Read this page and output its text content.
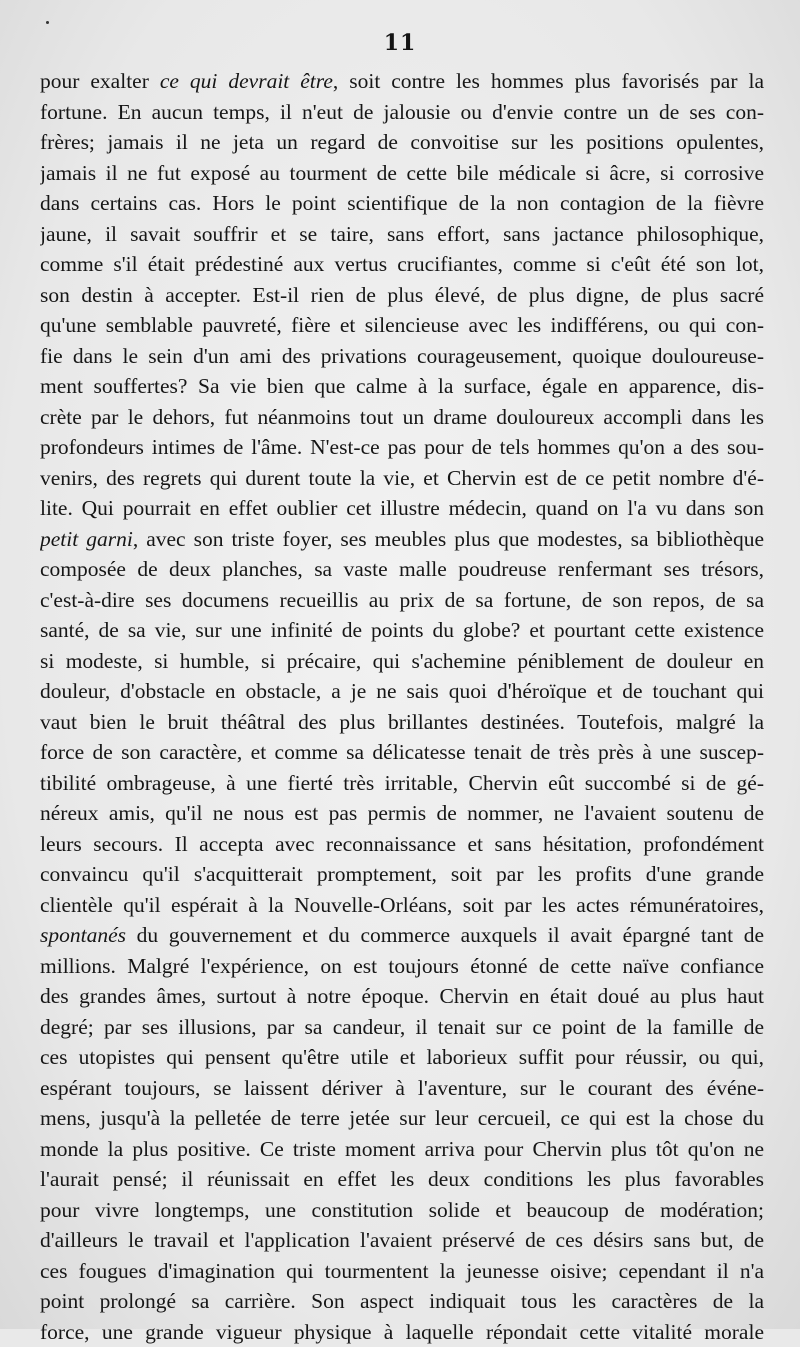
11
pour exalter ce qui devrait être, soit contre les hommes plus favorisés par la
fortune. En aucun temps, il n'eut de jalousie ou d'envie contre un de ses con-
frères; jamais il ne jeta un regard de convoitise sur les positions opulentes,
jamais il ne fut exposé au tourment de cette bile médicale si âcre, si corrosive
dans certains cas. Hors le point scientifique de la non contagion de la fièvre
jaune, il savait souffrir et se taire, sans effort, sans jactance philosophique,
comme s'il était prédestiné aux vertus crucifiantes, comme si c'eût été son lot,
son destin à accepter. Est-il rien de plus élevé, de plus digne, de plus sacré
qu'une semblable pauvreté, fière et silencieuse avec les indifférens, ou qui con-
fie dans le sein d'un ami des privations courageusement, quoique douloureuse-
ment souffertes? Sa vie bien que calme à la surface, égale en apparence, dis-
crète par le dehors, fut néanmoins tout un drame douloureux accompli dans les
profondeurs intimes de l'âme. N'est-ce pas pour de tels hommes qu'on a des sou-
venirs, des regrets qui durent toute la vie, et Chervin est de ce petit nombre d'é-
lite. Qui pourrait en effet oublier cet illustre médecin, quand on l'a vu dans son
petit garni, avec son triste foyer, ses meubles plus que modestes, sa bibliothèque
composée de deux planches, sa vaste malle poudreuse renfermant ses trésors,
c'est-à-dire ses documens recueillis au prix de sa fortune, de son repos, de sa
santé, de sa vie, sur une infinité de points du globe? et pourtant cette existence
si modeste, si humble, si précaire, qui s'achemine péniblement de douleur en
douleur, d'obstacle en obstacle, a je ne sais quoi d'héroïque et de touchant qui
vaut bien le bruit théâtral des plus brillantes destinées. Toutefois, malgré la
force de son caractère, et comme sa délicatesse tenait de très près à une suscep-
tibilité ombrageuse, à une fierté très irritable, Chervin eût succombé si de gé-
néreux amis, qu'il ne nous est pas permis de nommer, ne l'avaient soutenu de
leurs secours. Il accepta avec reconnaissance et sans hésitation, profondément
convaincu qu'il s'acquitterait promptement, soit par les profits d'une grande
clientèle qu'il espérait à la Nouvelle-Orléans, soit par les actes rémunératoires,
spontanés du gouvernement et du commerce auxquels il avait épargné tant de
millions. Malgré l'expérience, on est toujours étonné de cette naïve confiance
des grandes âmes, surtout à notre époque. Chervin en était doué au plus haut
degré; par ses illusions, par sa candeur, il tenait sur ce point de la famille de
ces utopistes qui pensent qu'être utile et laborieux suffit pour réussir, ou qui,
espérant toujours, se laissent dériver à l'aventure, sur le courant des événe-
mens, jusqu'à la pelletée de terre jetée sur leur cercueil, ce qui est la chose du
monde la plus positive. Ce triste moment arriva pour Chervin plus tôt qu'on ne
l'aurait pensé; il réunissait en effet les deux conditions les plus favorables
pour vivre longtemps, une constitution solide et beaucoup de modération;
d'ailleurs le travail et l'application l'avaient préservé de ces désirs sans but, de
ces fougues d'imagination qui tourmentent la jeunesse oisive; cependant il n'a
point prolongé sa carrière. Son aspect indiquait tous les caractères de la
force, une grande vigueur physique à laquelle répondait cette vitalité morale
